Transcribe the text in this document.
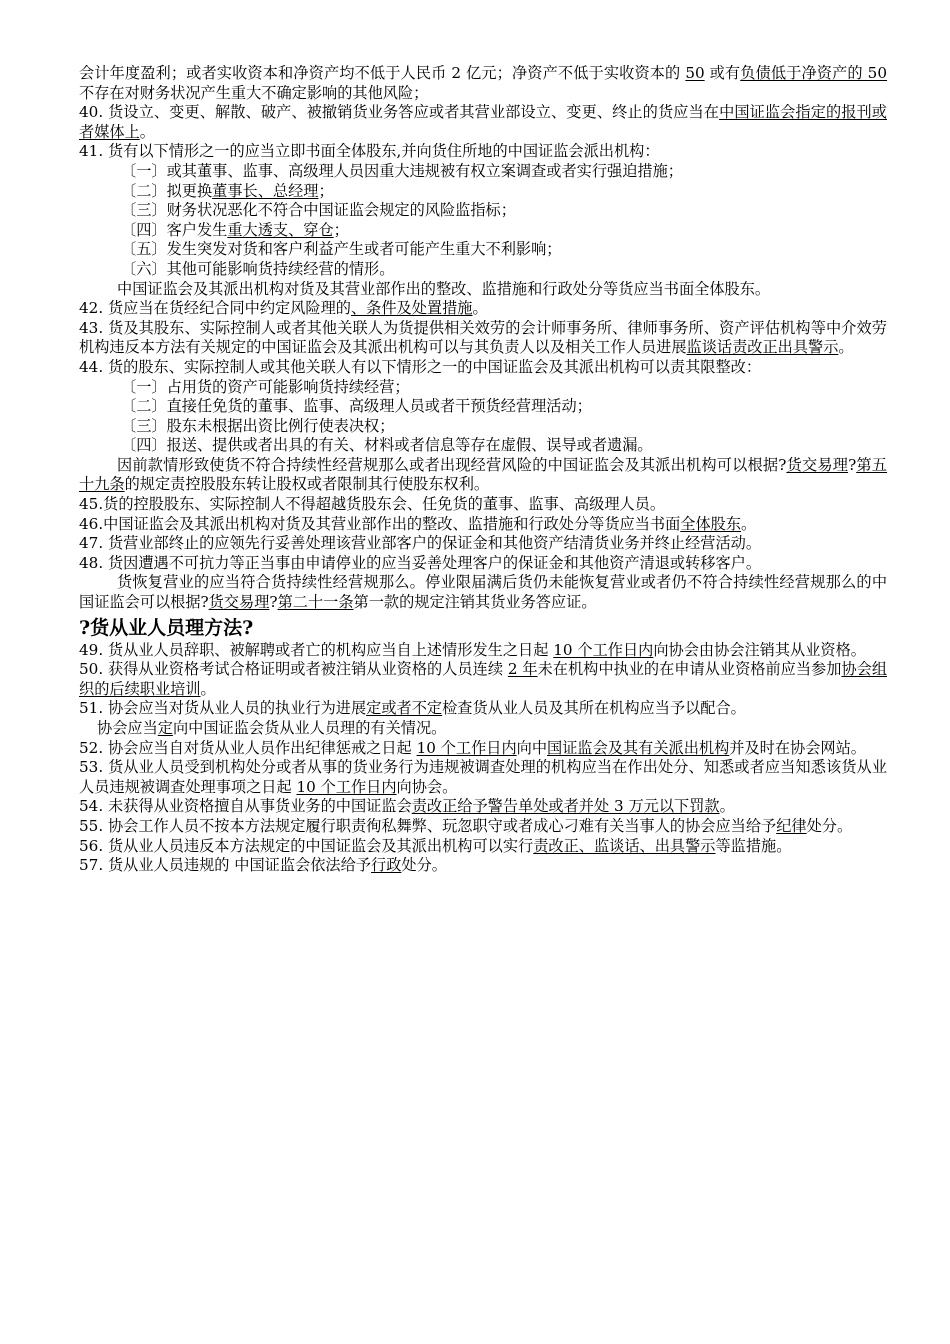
会计年度盈利；或者实收资本和净资产均不低于人民币 2 亿元；净资产不低于实收资本的 50 或有负债低于净资产的 50 不存在对财务状况产生重大不确定影响的其他风险；

40. 货设立、变更、解散、破产、被撤销货业务答应或者其营业部设立、变更、终止的货应当在中国证监会指定的报刊或者媒体上。

41. 货有以下情形之一的应当立即书面全体股东,并向货住所地的中国证监会派出机构：

〔一〕或其董事、监事、高级理人员因重大违规被有权立案调查或者实行强迫措施；

〔二〕拟更换董事长、总经理；

〔三〕财务状况恶化不符合中国证监会规定的风险监指标；

〔四〕客户发生重大透支、穿仓；

〔五〕发生突发对货和客户利益产生或者可能产生重大不利影响；

〔六〕其他可能影响货持续经营的情形。

中国证监会及其派出机构对货及其营业部作出的整改、监措施和行政处分等货应当书面全体股东。

42. 货应当在货经纪合同中约定风险理的、条件及处置措施。

43. 货及其股东、实际控制人或者其他关联人为货提供相关效劳的会计师事务所、律师事务所、资产评估机构等中介效劳机构违反本方法有关规定的中国证监会及其派出机构可以与其负责人以及相关工作人员进展监谈话责改正出具警示。

44. 货的股东、实际控制人或其他关联人有以下情形之一的中国证监会及其派出机构可以责其限整改：

〔一〕占用货的资产可能影响货持续经营；

〔二〕直接任免货的董事、监事、高级理人员或者干预货经营理活动；

〔三〕股东未根据出资比例行使表决权；

〔四〕报送、提供或者出具的有关、材料或者信息等存在虚假、误导或者遗漏。

因前款情形致使货不符合持续性经营规那么或者出现经营风险的中国证监会及其派出机构可以根据?货交易理?第五十九条的规定责控股股东转让股权或者限制其行使股东权利。

45.货的控股股东、实际控制人不得超越货股东会、任免货的董事、监事、高级理人员。

46.中国证监会及其派出机构对货及其营业部作出的整改、监措施和行政处分等货应当书面全体股东。

47. 货营业部终止的应领先行妥善处理该营业部客户的保证金和其他资产结清货业务并终止经营活动。

48. 货因遭遇不可抗力等正当事由申请停业的应当妥善处理客户的保证金和其他资产清退或转移客户。

货恢复营业的应当符合货持续性经营规那么。停业限届满后货仍未能恢复营业或者仍不符合持续性经营规那么的中国证监会可以根据?货交易理?第二十一条第一款的规定注销其货业务答应证。

?货从业人员理方法?

49. 货从业人员辞职、被解聘或者亡的机构应当自上述情形发生之日起 10 个工作日内向协会由协会注销其从业资格。

50. 获得从业资格考试合格证明或者被注销从业资格的人员连续 2 年未在机构中执业的在申请从业资格前应当参加协会组织的后续职业培训。

51. 协会应当对货从业人员的执业行为进展定或者不定检查货从业人员及其所在机构应当予以配合。

协会应当定向中国证监会货从业人员理的有关情况。

52. 协会应当自对货从业人员作出纪律惩戒之日起 10 个工作日内向中国证监会及其有关派出机构并及时在协会网站。

53. 货从业人员受到机构处分或者从事的货业务行为违规被调查处理的机构应当在作出处分、知悉或者应当知悉该货从业人员违规被调查处理事项之日起 10 个工作日内向协会。

54. 未获得从业资格擅自从事货业务的中国证监会责改正给予警告单处或者并处 3 万元以下罚款。

55. 协会工作人员不按本方法规定履行职责徇私舞弊、玩忽职守或者成心刁难有关当事人的协会应当给予纪律处分。

56. 货从业人员违反本方法规定的中国证监会及其派出机构可以实行责改正、监谈话、出具警示等监措施。

57. 货从业人员违规的 中国证监会依法给予行政处分。
